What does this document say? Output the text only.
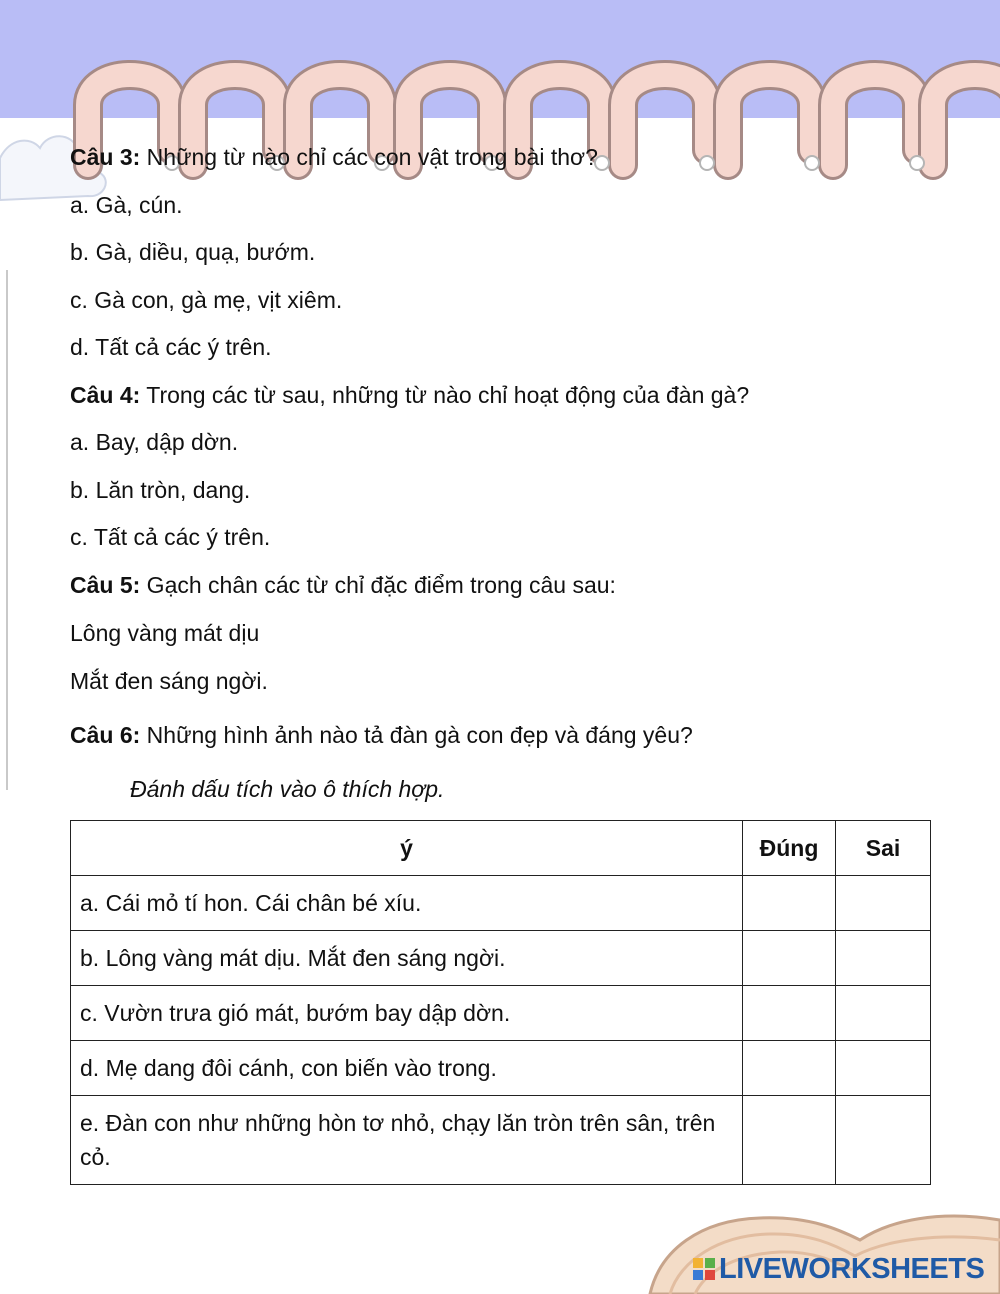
Câu 3: Những từ nào chỉ các con vật trong bài thơ?
a. Gà, cún.
b. Gà, diều, quạ, bướm.
c. Gà con, gà mẹ, vịt xiêm.
d. Tất cả các ý trên.
Câu 4: Trong các từ sau, những từ nào chỉ hoạt động của đàn gà?
a. Bay, dập dờn.
b. Lăn tròn, dang.
c. Tất cả các ý trên.
Câu 5: Gạch chân các từ chỉ đặc điểm trong câu sau:
Lông vàng mát dịu
Mắt đen sáng ngời.
Câu 6: Những hình ảnh nào tả đàn gà con đẹp và đáng yêu?
Đánh dấu tích vào ô thích hợp.
ý	Đúng	Sai
a. Cái mỏ tí hon. Cái chân bé xíu.		
b. Lông vàng mát dịu. Mắt đen sáng ngời.		
c. Vườn trưa gió mát, bướm bay dập dờn.		
d. Mẹ dang đôi cánh, con biến vào trong.		
e. Đàn con như những hòn tơ nhỏ, chạy lăn tròn trên sân, trên cỏ.		
LIVEWORKSHEETS
